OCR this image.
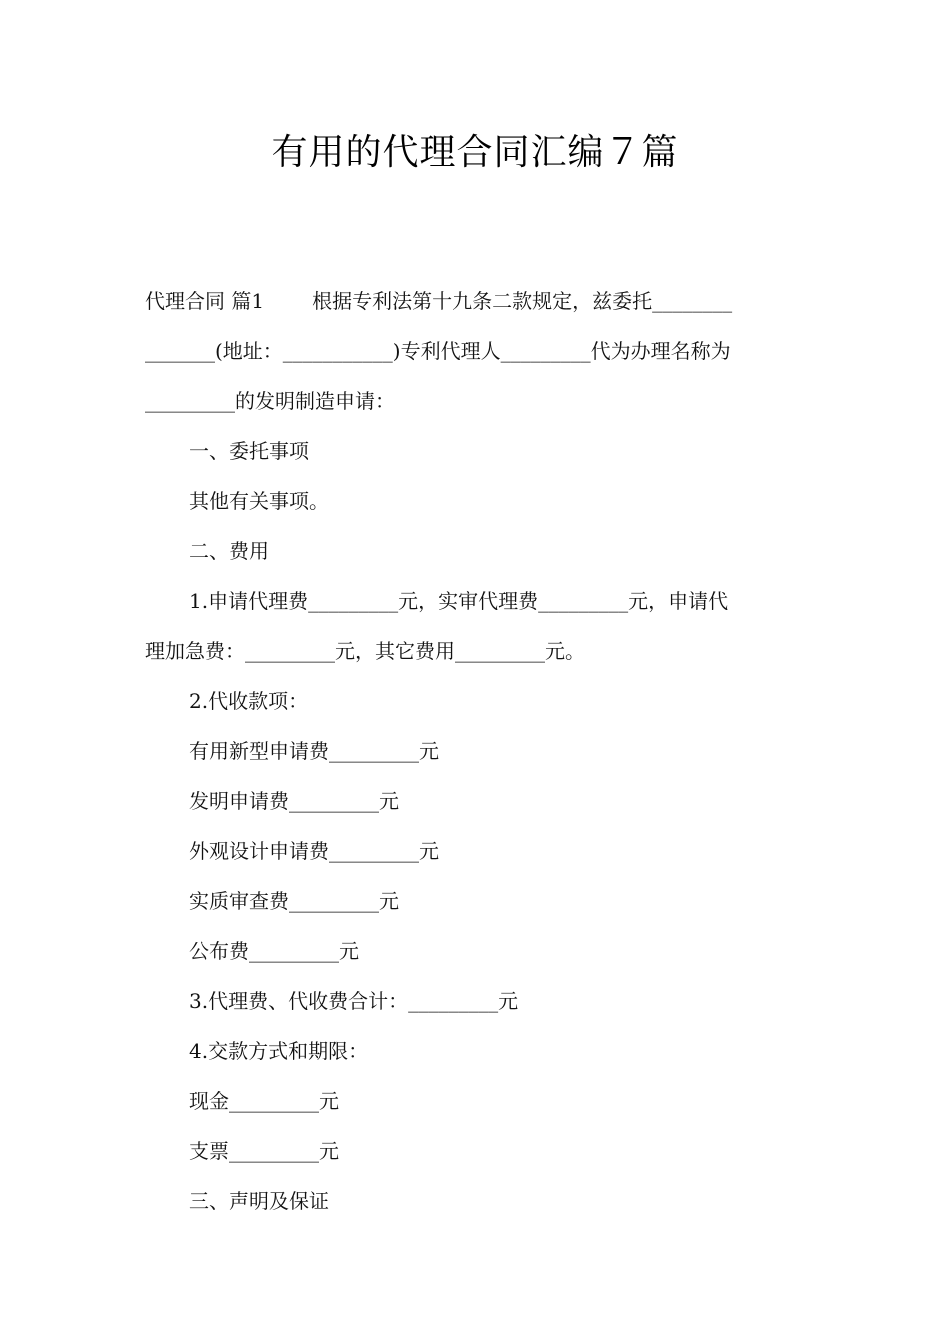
有用的代理合同汇编７篇

代理合同 篇1 根据专利法第十九条二款规定，兹委托________

_______(地址：___________)专利代理人_________代为办理名称为

_________的发明制造申请：

一、委托事项

其他有关事项。

二、费用

1.申请代理费_________元，实审代理费_________元，申请代

理加急费：_________元，其它费用_________元。

2.代收款项：

有用新型申请费_________元

发明申请费_________元

外观设计申请费_________元

实质审查费_________元

公布费_________元

3.代理费、代收费合计：_________元

4.交款方式和期限：

现金_________元

支票_________元

三、声明及保证
